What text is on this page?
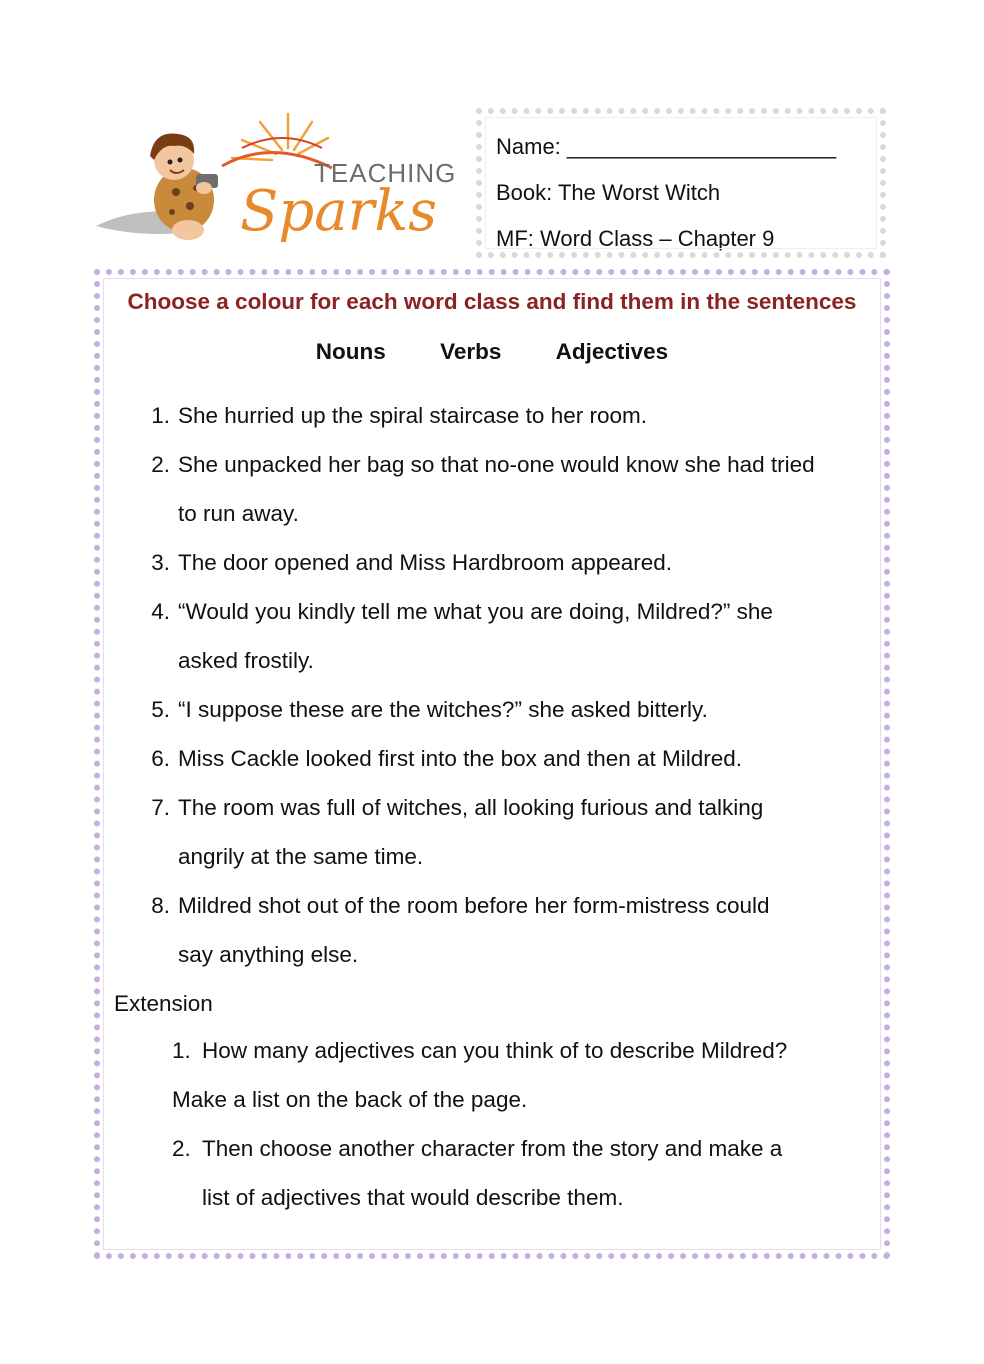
TEACHING
Sparks
Name: ______________________
Book: The Worst Witch
MF: Word Class – Chapter 9
Choose a colour for each word class and find them in the sentences
Nouns Verbs Adjectives
1. She hurried up the spiral staircase to her room.
2. She unpacked her bag so that no-one would know she had tried
to run away.
3. The door opened and Miss Hardbroom appeared.
4. “Would you kindly tell me what you are doing, Mildred?” she
asked frostily.
5. “I suppose these are the witches?” she asked bitterly.
6. Miss Cackle looked first into the box and then at Mildred.
7. The room was full of witches, all looking furious and talking
angrily at the same time.
8. Mildred shot out of the room before her form-mistress could
say anything else.
Extension
1. How many adjectives can you think of to describe Mildred?
Make a list on the back of the page.
2. Then choose another character from the story and make a
list of adjectives that would describe them.
